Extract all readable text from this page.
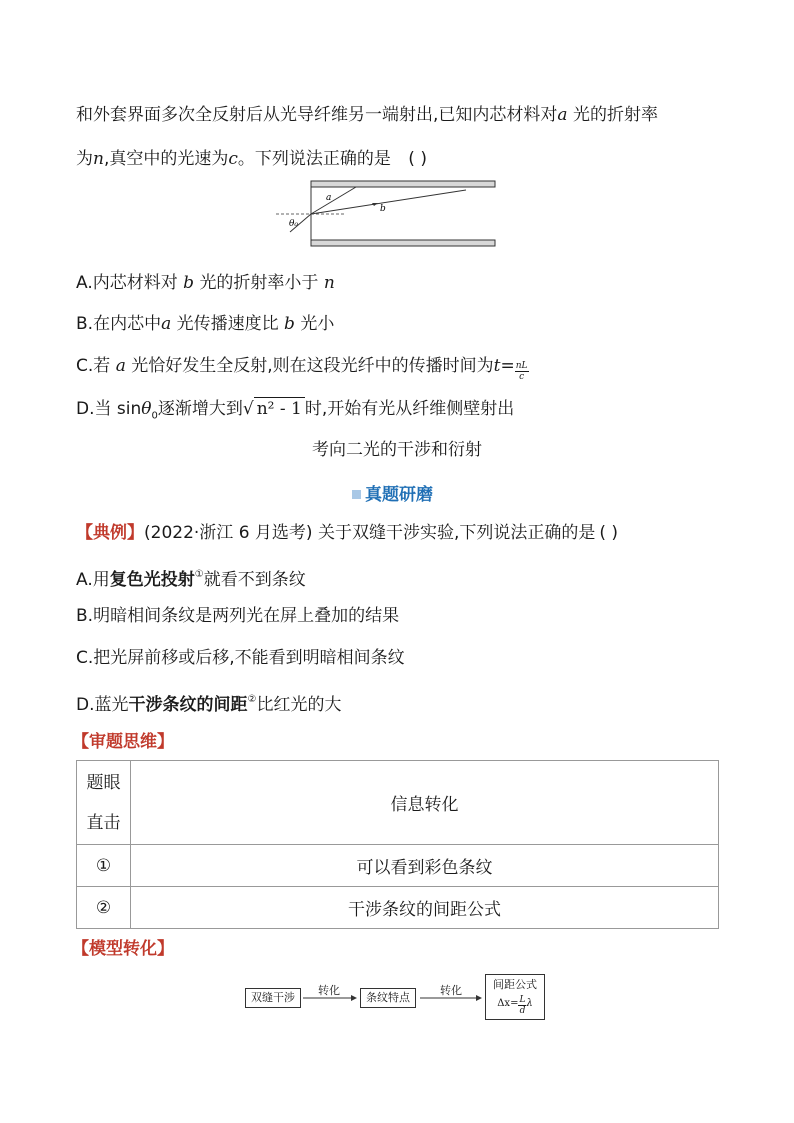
和外套界面多次全反射后从光导纤维另一端射出,已知内芯材料对a 光的折射率
为n,真空中的光速为c。下列说法正确的是 ( )
a
b
θ₀
A.内芯材料对 b 光的折射率小于 n
B.在内芯中a 光传播速度比 b 光小
C.若 a 光恰好发生全反射,则在这段光纤中的传播时间为$t= \frac{nL}{c}$
D.当 sinθ$_0$逐渐增大到√ n² - 1 时,开始有光从纤维侧壁射出
考向二光的干涉和衍射
真题研磨
【典例】(2022·浙江 6 月选考) 关于双缝干涉实验,下列说法正确的是 ( )
A.用复色光投射①就看不到条纹
B.明暗相间条纹是两列光在屏上叠加的结果
C.把光屏前移或后移,不能看到明暗相间条纹
D.蓝光干涉条纹的间距②比红光的大
【审题思维】
题眼
直击	信息转化
①	可以看到彩色条纹
②	干涉条纹的间距公式
【模型转化】
双缝干涉
转化
条纹特点
转化	间距公式
$\Delta x= \frac{L}{d}$ λ
